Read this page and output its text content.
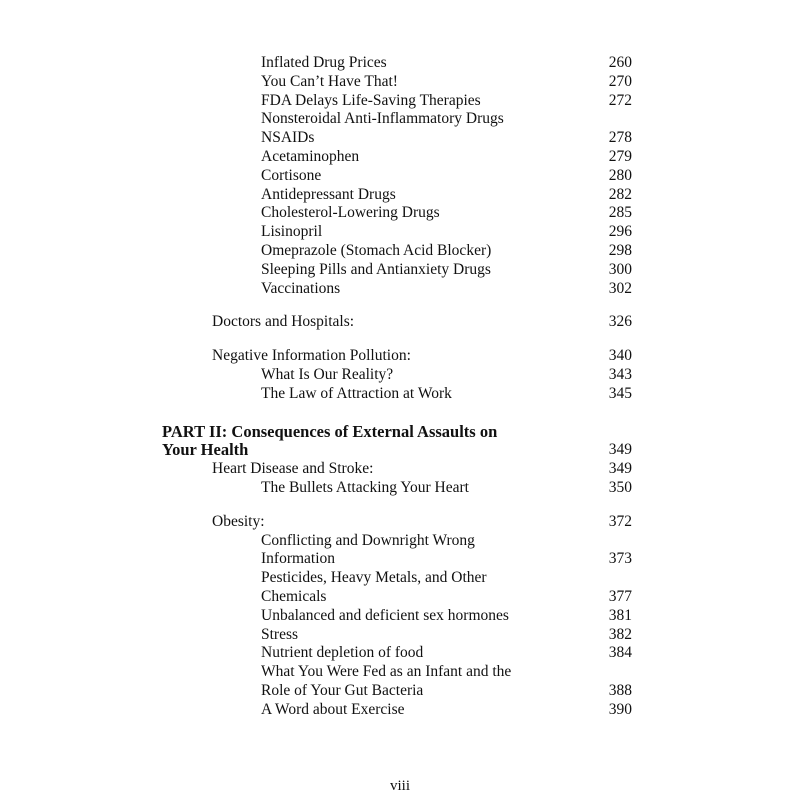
Inflated Drug Prices	260
You Can’t Have That!	270
FDA Delays Life-Saving Therapies	272
Nonsteroidal Anti-Inflammatory Drugs
NSAIDs	278
Acetaminophen	279
Cortisone	280
Antidepressant Drugs	282
Cholesterol-Lowering Drugs	285
Lisinopril	296
Omeprazole (Stomach Acid Blocker)	298
Sleeping Pills and Antianxiety Drugs	300
Vaccinations	302
Doctors and Hospitals:	326
Negative Information Pollution:	340
What Is Our Reality?	343
The Law of Attraction at Work	345
PART II: Consequences of External Assaults on
Your Health	349
Heart Disease and Stroke:	349
The Bullets Attacking Your Heart	350
Obesity:	372
Conflicting and Downright Wrong
Information	373
Pesticides, Heavy Metals, and Other
Chemicals	377
Unbalanced and deficient sex hormones	381
Stress	382
Nutrient depletion of food	384
What You Were Fed as an Infant and the
Role of Your Gut Bacteria	388
A Word about Exercise	390
viii
